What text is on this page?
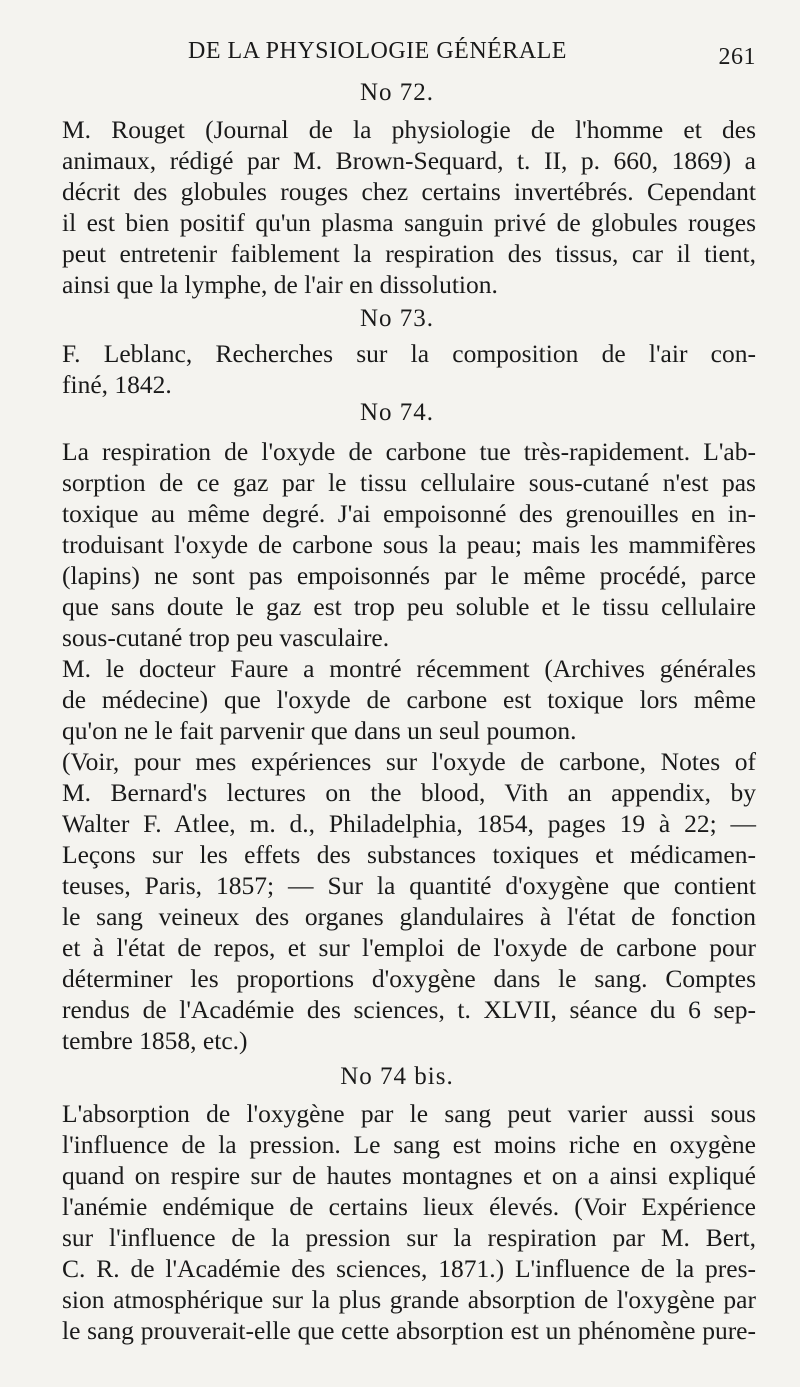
DE LA PHYSIOLOGIE GÉNÉRALE	261
No 72.

M. Rouget (Journal de la physiologie de l'homme et des
animaux, rédigé par M. Brown-Sequard, t. II, p. 660, 1869) a
décrit des globules rouges chez certains invertébrés. Cependant
il est bien positif qu'un plasma sanguin privé de globules rouges
peut entretenir faiblement la respiration des tissus, car il tient,
ainsi que la lymphe, de l'air en dissolution.

No 73.

F. Leblanc, Recherches sur la composition de l'air con-
finé, 1842.

No 74.

La respiration de l'oxyde de carbone tue très-rapidement. L'ab-
sorption de ce gaz par le tissu cellulaire sous-cutané n'est pas
toxique au même degré. J'ai empoisonné des grenouilles en in-
troduisant l'oxyde de carbone sous la peau; mais les mammifères
(lapins) ne sont pas empoisonnés par le même procédé, parce
que sans doute le gaz est trop peu soluble et le tissu cellulaire
sous-cutané trop peu vasculaire.

M. le docteur Faure a montré récemment (Archives générales
de médecine) que l'oxyde de carbone est toxique lors même
qu'on ne le fait parvenir que dans un seul poumon.

(Voir, pour mes expériences sur l'oxyde de carbone, Notes of
M. Bernard's lectures on the blood, Vith an appendix, by
Walter F. Atlee, m. d., Philadelphia, 1854, pages 19 à 22; —
Leçons sur les effets des substances toxiques et médicamen-
teuses, Paris, 1857; — Sur la quantité d'oxygène que contient
le sang veineux des organes glandulaires à l'état de fonction
et à l'état de repos, et sur l'emploi de l'oxyde de carbone pour
déterminer les proportions d'oxygène dans le sang. Comptes
rendus de l'Académie des sciences, t. XLVII, séance du 6 sep-
tembre 1858, etc.)

No 74 bis.

L'absorption de l'oxygène par le sang peut varier aussi sous
l'influence de la pression. Le sang est moins riche en oxygène
quand on respire sur de hautes montagnes et on a ainsi expliqué
l'anémie endémique de certains lieux élevés. (Voir Expérience
sur l'influence de la pression sur la respiration par M. Bert,
C. R. de l'Académie des sciences, 1871.) L'influence de la pres-
sion atmosphérique sur la plus grande absorption de l'oxygène par
le sang prouverait-elle que cette absorption est un phénomène pure-
